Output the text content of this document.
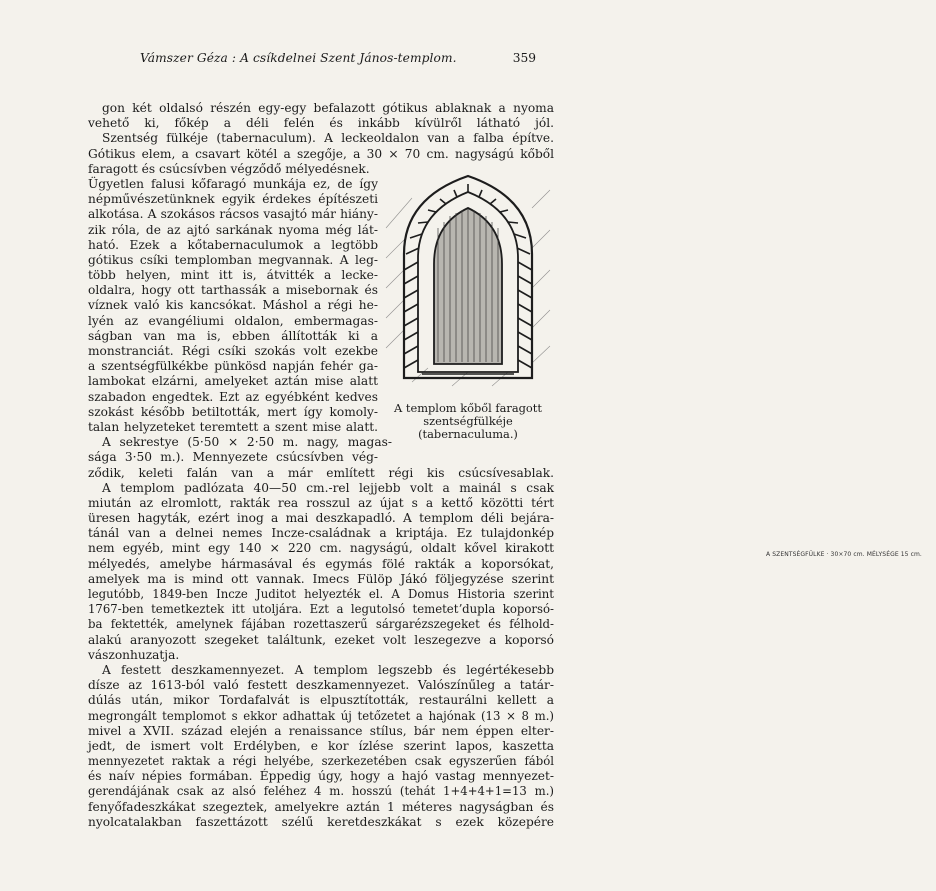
Vámszer Géza : A csíkdelnei Szent János-templom.	359
gon két oldalsó részén egy-egy befalazott gótikus ablaknak a nyoma
vehető ki, főkép a déli felén és inkább kívülről látható jól.
Szentség fülkéje (tabernaculum). A leckeoldalon van a falba építve.
Gótikus elem, a csavart kötél a szegője, a 30 × 70 cm. nagyságú kőből
faragott és csúcsívben végződő mélyedésnek.
Ügyetlen falusi kőfaragó munkája ez, de így
népművészetünknek egyik érdekes építészeti
alkotása. A szokásos rácsos vasajtó már hiány-
zik róla, de az ajtó sarkának nyoma még lát-
ható. Ezek a kőtabernaculumok a legtöbb
gótikus csíki templomban megvannak. A leg-
több helyen, mint itt is, átvitték a lecke-
oldalra, hogy ott tarthassák a misebornak és
víznek való kis kancsókat. Máshol a régi he-
lyén az evangéliumi oldalon, embermagas-
ságban van ma is, ebben állították ki a
monstranciát. Régi csíki szokás volt ezekbe
a szentségfülkékbe pünkösd napján fehér ga-
lambokat elzárni, amelyeket aztán mise alatt
szabadon engedtek. Ezt az egyébként kedves
szokást később betiltották, mert így komoly-
talan helyzeteket teremtett a szent mise alatt.
A sekrestye (5·50 × 2·50 m. nagy, magas-
sága 3·50 m.). Mennyezete csúcsívben vég-
ződik, keleti falán van a már említett régi kis csúcsívesablak.
A templom padlózata 40—50 cm.-rel lejjebb volt a mainál s csak
miután az elromlott, rakták rea rosszul az újat s a kettő közötti tért
üresen hagyták, ezért inog a mai deszkapadló. A templom déli bejára-
tánál van a delnei nemes Incze-családnak a kriptája. Ez tulajdonkép
nem egyéb, mint egy 140 × 220 cm. nagyságú, oldalt kővel kirakott
mélyedés, amelybe hármasával és egymás fölé rakták a koporsókat,
amelyek ma is mind ott vannak. Imecs Fülöp Jákó följegyzése szerint
legutóbb, 1849-ben Incze Juditot helyezték el. A Domus Historia szerint
1767-ben temetkeztek itt utoljára. Ezt a legutolsó temetetʼdupla koporsó-
ba fektették, amelynek fájában rozettaszerű sárgarézszegeket és félhold-
alakú aranyozott szegeket találtunk, ezeket volt leszegezve a koporsó
vászonhuzatja.
A festett deszkamennyezet. A templom legszebb és legértékesebb
dísze az 1613-ból való festett deszkamennyezet. Valószínűleg a tatár-
dúlás után, mikor Tordafalvát is elpusztították, restaurálni kellett a
megrongált templomot s ekkor adhattak új tetőzetet a hajónak (13 × 8 m.)
mivel a XVII. század elején a renaissance stílus, bár nem éppen elter-
jedt, de ismert volt Erdélyben, e kor ízlése szerint lapos, kaszetta
mennyezetet raktak a régi helyébe, szerkezetében csak egyszerűen fából
és naív népies formában. Éppedig úgy, hogy a hajó vastag mennyezet-
gerendájának csak az alsó feléhez 4 m. hosszú (tehát 1+4+4+1=13 m.)
fenyőfadeszkákat szegeztek, amelyekre aztán 1 méteres nagyságban és
nyolcatalakban faszettázott szélű keretdeszkákat s ezek közepére
A SZENTSÉGFÜLKE · 30×70 cm. MÉLYSÉGE 15 cm.
A templom kőből faragott
szentségfülkéje
(tabernaculuma.)
